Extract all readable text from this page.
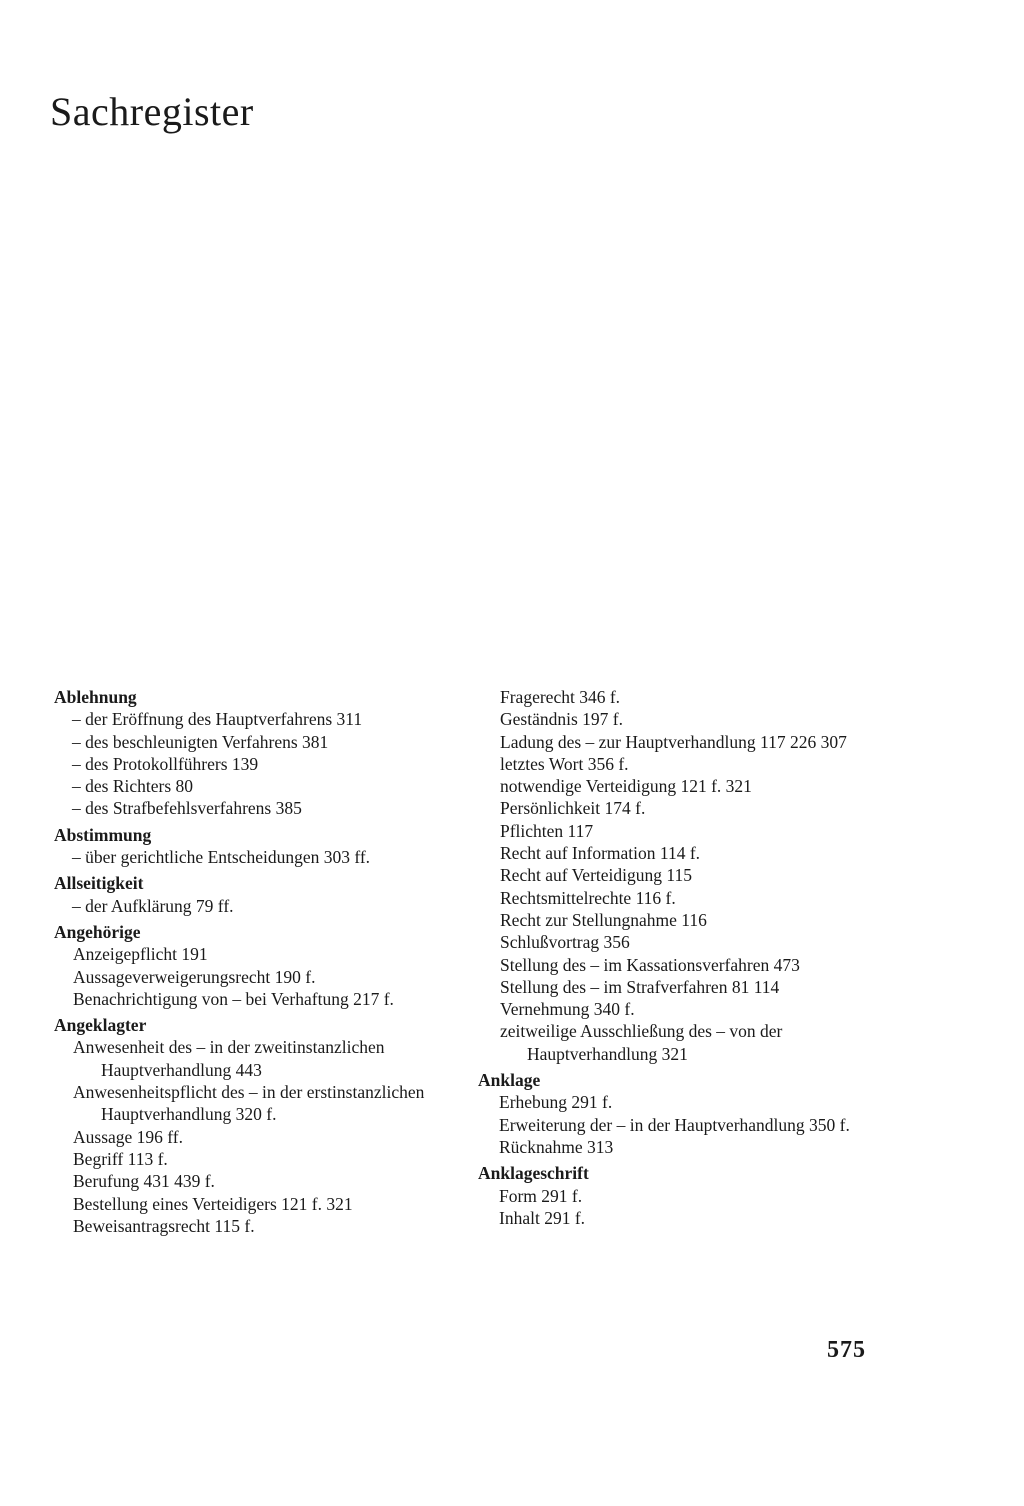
Sachregister
Ablehnung
– der Eröffnung des Hauptverfahrens 311
– des beschleunigten Verfahrens 381
– des Protokollführers 139
– des Richters 80
– des Strafbefehlsverfahrens 385
Abstimmung
– über gerichtliche Entscheidungen 303 ff.
Allseitigkeit
– der Aufklärung 79 ff.
Angehörige
Anzeigepflicht 191
Aussageverweigerungsrecht 190 f.
Benachrichtigung von – bei Verhaftung 217 f.
Angeklagter
Anwesenheit des – in der zweitinstanzlichen Hauptverhandlung 443
Anwesenheitspflicht des – in der erstinstanzlichen Hauptverhandlung 320 f.
Aussage 196 ff.
Begriff 113 f.
Berufung 431 439 f.
Bestellung eines Verteidigers 121 f. 321
Beweisantragsrecht 115 f.
Fragerecht 346 f.
Geständnis 197 f.
Ladung des – zur Hauptverhandlung 117 226 307
letztes Wort 356 f.
notwendige Verteidigung 121 f. 321
Persönlichkeit 174 f.
Pflichten 117
Recht auf Information 114 f.
Recht auf Verteidigung 115
Rechtsmittelrechte 116 f.
Recht zur Stellungnahme 116
Schlußvortrag 356
Stellung des – im Kassationsverfahren 473
Stellung des – im Strafverfahren 81 114
Vernehmung 340 f.
zeitweilige Ausschließung des – von der Hauptverhandlung 321
Anklage
Erhebung 291 f.
Erweiterung der – in der Hauptverhandlung 350 f.
Rücknahme 313
Anklageschrift
Form 291 f.
Inhalt 291 f.
575
